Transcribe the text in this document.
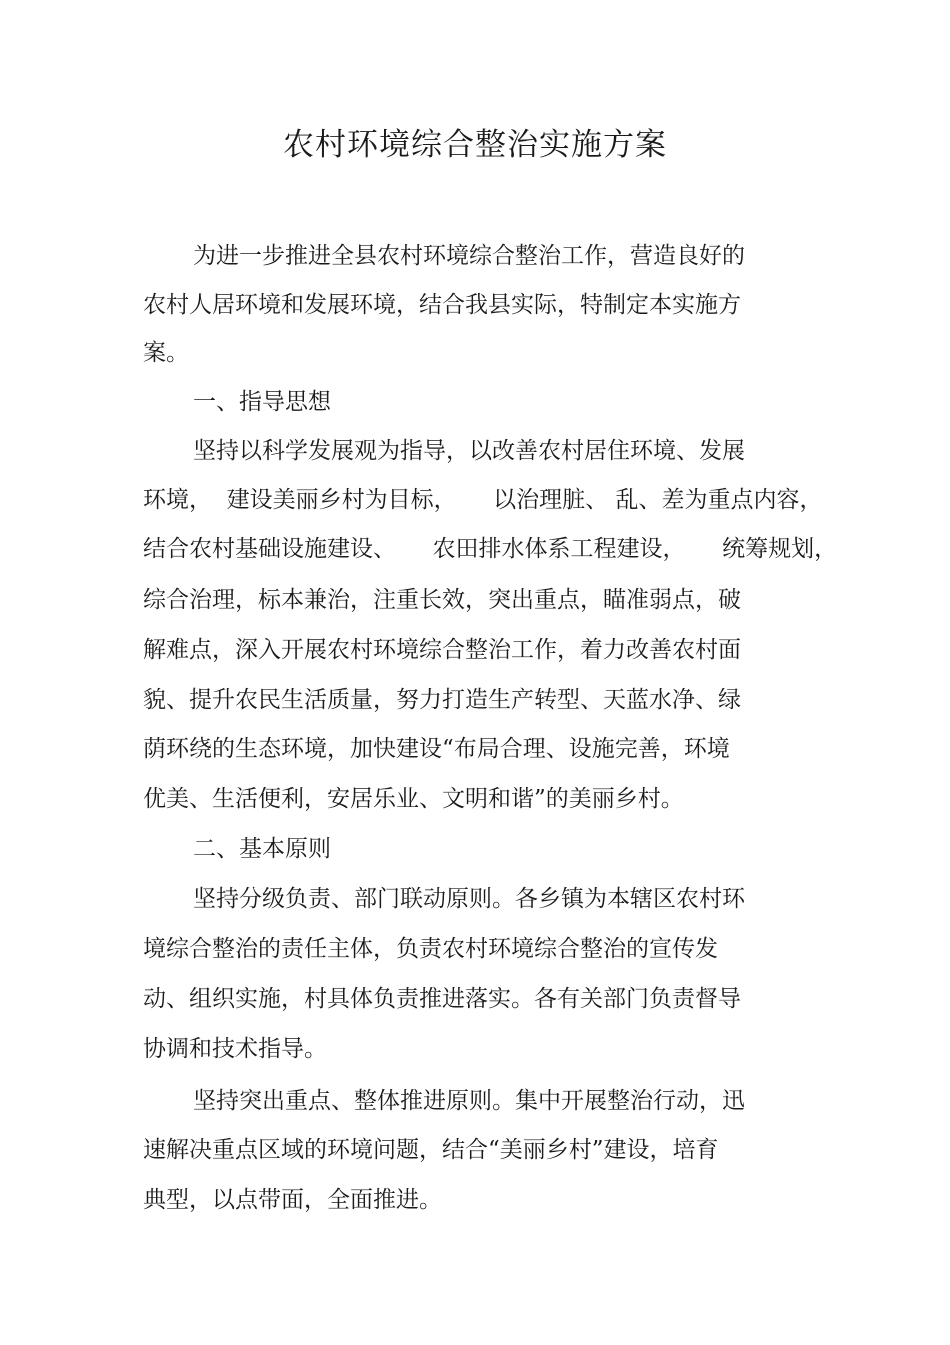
农村环境综合整治实施方案
为进一步推进全县农村环境综合整治工作，营造良好的
农村人居环境和发展环境，结合我县实际，特制定本实施方
案。
一、指导思想
坚持以科学发展观为指导，以改善农村居住环境、发展
环境，  建设美丽乡村为目标，     以治理脏、 乱、差为重点内容，
结合农村基础设施建设、     农田排水体系工程建设，     统筹规划，
综合治理，标本兼治，注重长效，突出重点，瞄准弱点，破
解难点，深入开展农村环境综合整治工作，着力改善农村面
貌、提升农民生活质量，努力打造生产转型、天蓝水净、绿
荫环绕的生态环境，加快建设“布局合理、设施完善，环境
优美、生活便利，安居乐业、文明和谐”的美丽乡村。
二、基本原则
坚持分级负责、部门联动原则。各乡镇为本辖区农村环
境综合整治的责任主体，负责农村环境综合整治的宣传发
动、组织实施，村具体负责推进落实。各有关部门负责督导
协调和技术指导。
坚持突出重点、整体推进原则。集中开展整治行动，迅
速解决重点区域的环境问题，结合“美丽乡村”建设，培育
典型，以点带面，全面推进。
